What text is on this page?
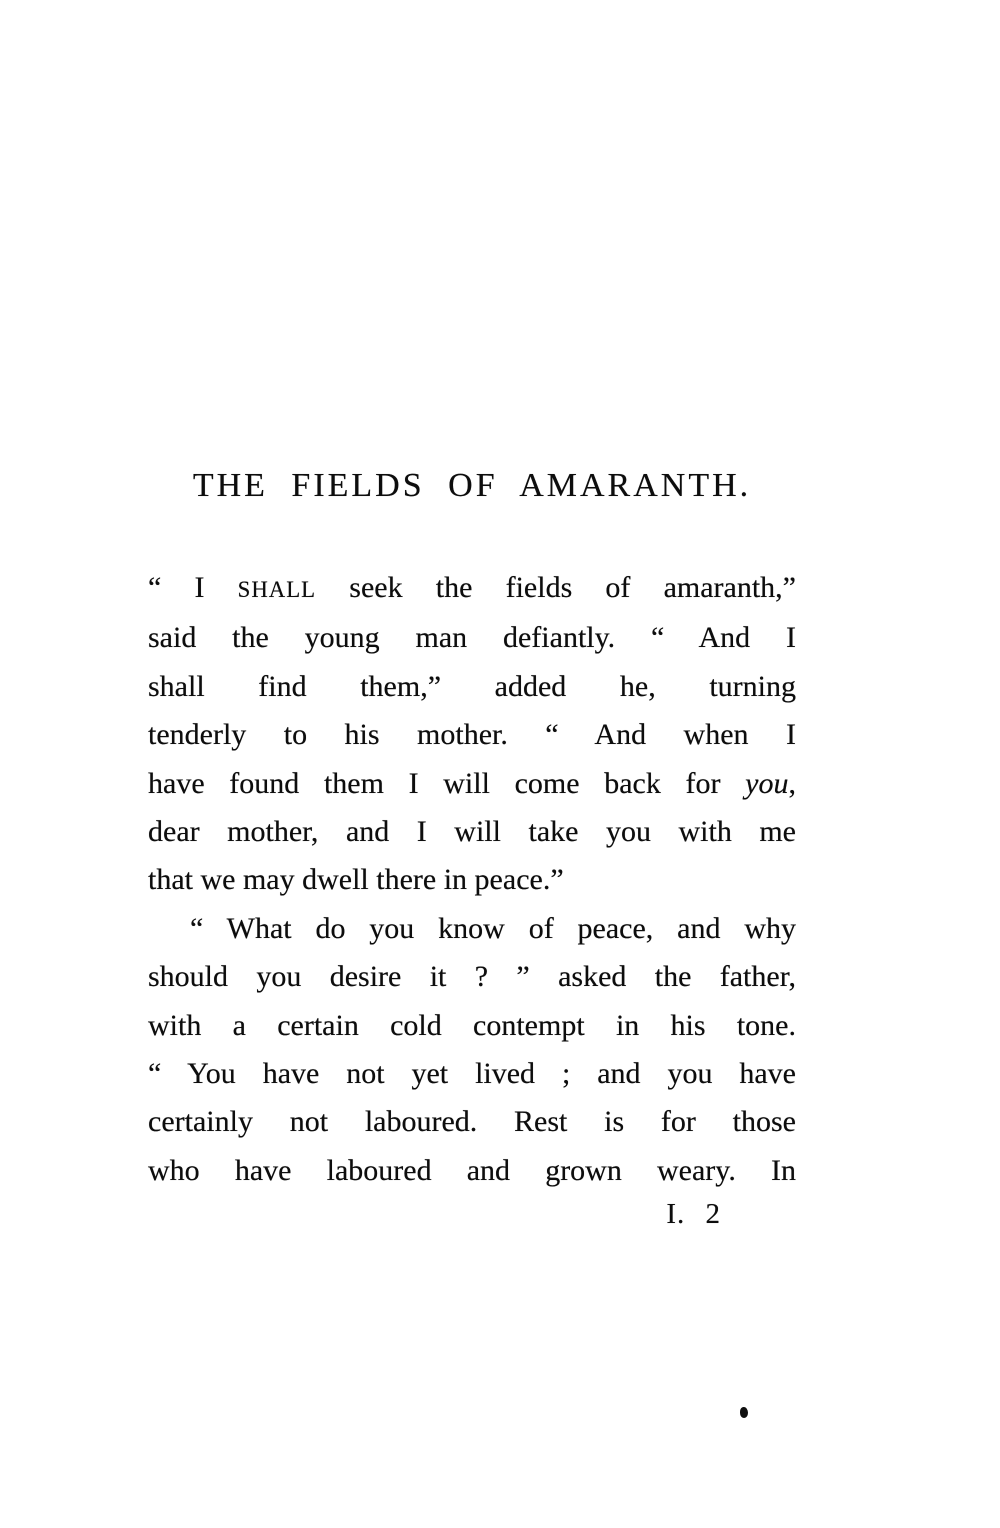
THE FIELDS OF AMARANTH.

“ I SHALL seek the fields of amaranth,”
said the young man defiantly. “ And I
shall find them,” added he, turning
tenderly to his mother. “ And when I
have found them I will come back for you,
dear mother, and I will take you with me
that we may dwell there in peace.”

“ What do you know of peace, and why
should you desire it ? ” asked the father,
with a certain cold contempt in his tone.
“ You have not yet lived ; and you have
certainly not laboured. Rest is for those
who have laboured and grown weary. In

I. 2
